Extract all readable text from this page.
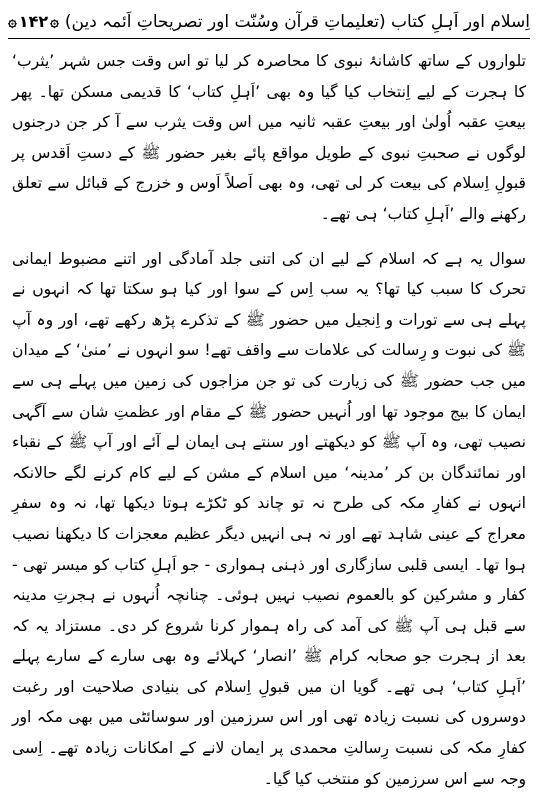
۞
۱۴۲
۞	اِسلام اور اَہلِ کتاب (تعلیماتِ قرآن وسُنّت اور تصریحاتِ اَئمہ دین)

تلواروں کے ساتھ کاشانۂ نبوی کا محاصرہ کر لیا تو اس وقت جس شہر ’یثرب‘ کا ہجرت کے لیے اِنتخاب کیا گیا وہ بھی ’اَہلِ کتاب‘ کا قدیمی مسکن تھا۔ پھر بیعتِ عقبہ اُولیٰ اور بیعتِ عقبہ ثانیہ میں اس وقت یثرب سے آ کر جن درجنوں لوگوں نے صحبتِ نبوی کے طویل مواقع پائے بغیر حضور ﷺ کے دستِ اَقدس پر قبولِ اِسلام کی بیعت کر لی تھی، وہ بھی اَصلاً اَوس و خزرج کے قبائل سے تعلق رکھنے والے ’اَہلِ کتاب‘ ہی تھے۔

سوال یہ ہے کہ اسلام کے لیے ان کی اتنی جلد آمادگی اور اتنے مضبوط ایمانی تحرک کا سبب کیا تھا؟ یہ سب اِس کے سوا اور کیا ہو سکتا تھا کہ انہوں نے پہلے ہی سے تورات و اِنجیل میں حضور ﷺ کے تذکرے پڑھ رکھے تھے، اور وہ آپ ﷺ کی نبوت و رِسالت کی علامات سے واقف تھے! سو انہوں نے ’منیٰ‘ کے میدان میں جب حضور ﷺ کی زیارت کی تو جن مزاجوں کی زمین میں پہلے ہی سے ایمان کا بیج موجود تھا اور اُنہیں حضور ﷺ کے مقام اور عظمتِ شان سے آگہی نصیب تھی، وہ آپ ﷺ کو دیکھتے اور سنتے ہی ایمان لے آئے اور آپ ﷺ کے نقباء اور نمائندگان بن کر ’مدینہ‘ میں اسلام کے مشن کے لیے کام کرنے لگے حالانکہ انہوں نے کفارِ مکہ کی طرح نہ تو چاند کو ٹکڑے ہوتا دیکھا تھا، نہ وہ سفرِ معراج کے عینی شاہد تھے اور نہ ہی انہیں دیگر عظیم معجزات کا دیکھنا نصیب ہوا تھا۔ ایسی قلبی سازگاری اور ذہنی ہمواری - جو اَہلِ کتاب کو میسر تھی - کفار و مشرکین کو بالعموم نصیب نہیں ہوئی۔ چنانچہ اُنہوں نے ہجرتِ مدینہ سے قبل ہی آپ ﷺ کی آمد کی راہ ہموار کرنا شروع کر دی۔ مستزاد یہ کہ بعد از ہجرت جو صحابہ کرام ﷺ ’انصار‘ کہلائے وہ بھی سارے کے سارے پہلے ’اَہلِ کتاب‘ ہی تھے۔ گویا ان میں قبولِ اِسلام کی بنیادی صلاحیت اور رغبت دوسروں کی نسبت زیادہ تھی اور اس سرزمین اور سوسائٹی میں بھی مکہ اور کفارِ مکہ کی نسبت رِسالتِ محمدی پر ایمان لانے کے امکانات زیادہ تھے۔ اِسی وجہ سے اس سرزمین کو منتخب کیا گیا۔
